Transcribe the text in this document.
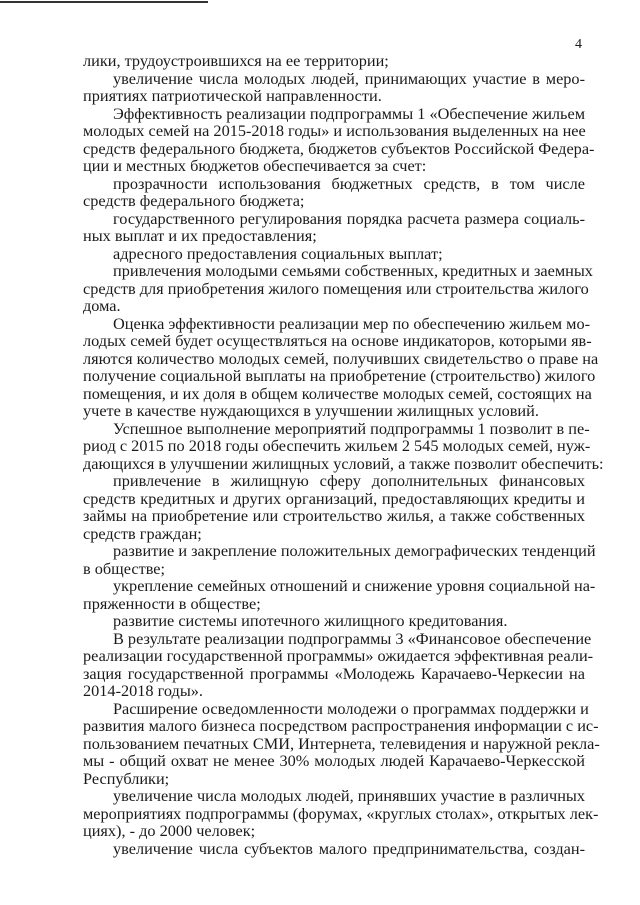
4
лики, трудоустроившихся на ее территории;
увеличение числа молодых людей, принимающих участие в меро-
приятиях патриотической направленности.
Эффективность реализации подпрограммы 1 «Обеспечение жильем
молодых семей на 2015-2018 годы» и использования выделенных на нее
средств федерального бюджета, бюджетов субъектов Российской Федера-
ции и местных бюджетов обеспечивается за счет:
прозрачности использования бюджетных средств, в том числе
средств федерального бюджета;
государственного регулирования порядка расчета размера социаль-
ных выплат и их предоставления;
адресного предоставления социальных выплат;
привлечения молодыми семьями собственных, кредитных и заемных
средств для приобретения жилого помещения или строительства жилого
дома.
Оценка эффективности реализации мер по обеспечению жильем мо-
лодых семей будет осуществляться на основе индикаторов, которыми яв-
ляются количество молодых семей, получивших свидетельство о праве на
получение социальной выплаты на приобретение (строительство) жилого
помещения, и их доля в общем количестве молодых семей, состоящих на
учете в качестве нуждающихся в улучшении жилищных условий.
Успешное выполнение мероприятий подпрограммы 1 позволит в пе-
риод с 2015 по 2018 годы обеспечить жильем 2 545 молодых семей, нуж-
дающихся в улучшении жилищных условий, а также позволит обеспечить:
привлечение в жилищную сферу дополнительных финансовых
средств кредитных и других организаций, предоставляющих кредиты и
займы на приобретение или строительство жилья, а также собственных
средств граждан;
развитие и закрепление положительных демографических тенденций
в обществе;
укрепление семейных отношений и снижение уровня социальной на-
пряженности в обществе;
развитие системы ипотечного жилищного кредитования.
В результате реализации подпрограммы 3 «Финансовое обеспечение
реализации государственной программы» ожидается эффективная реали-
зация государственной программы «Молодежь Карачаево-Черкесии на
2014-2018 годы».
Расширение осведомленности молодежи о программах поддержки и
развития малого бизнеса посредством распространения информации с ис-
пользованием печатных СМИ, Интернета, телевидения и наружной рекла-
мы - общий охват не менее 30% молодых людей Карачаево-Черкесской
Республики;
увеличение числа молодых людей, принявших участие в различных
мероприятиях подпрограммы (форумах, «круглых столах», открытых лек-
циях), - до 2000 человек;
увеличение числа субъектов малого предпринимательства, создан-
